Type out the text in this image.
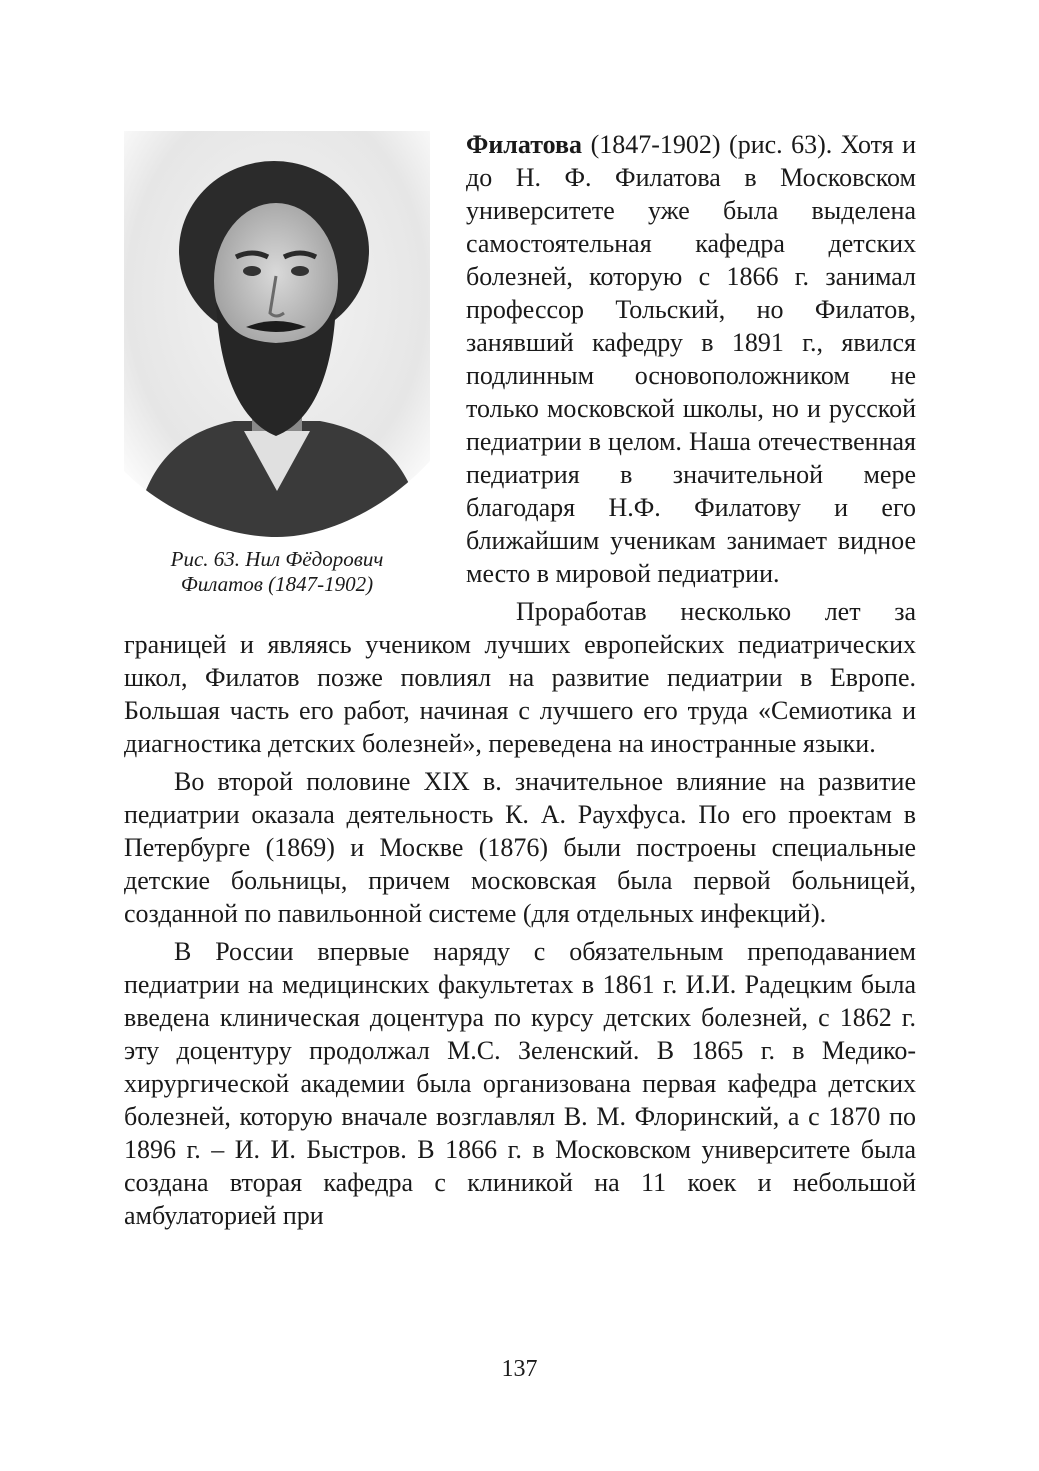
Рис. 63. Нил Фёдорович
Филатов (1847-1902)

Филатова (1847-1902) (рис. 63). Хотя и до Н. Ф. Филатова в Московском университете уже была выделена самостоятельная кафедра детских болезней, которую с 1866 г. занимал профессор Тольский, но Филатов, занявший кафедру в 1891 г., явился подлинным основоположником не только московской школы, но и русской педиатрии в целом. Наша отечественная педиатрия в значительной мере благодаря Н.Ф. Филатову и его ближайшим ученикам занимает видное место в мировой педиатрии.

Проработав несколько лет за границей и являясь учеником лучших европейских педиатрических школ, Филатов позже повлиял на развитие педиатрии в Европе. Большая часть его работ, начиная с лучшего его труда «Семиотика и диагностика детских болезней», переведена на иностранные языки.

Во второй половине XIX в. значительное влияние на развитие педиатрии оказала деятельность К. А. Раухфуса. По его проектам в Петербурге (1869) и Москве (1876) были построены специальные детские больницы, причем московская была первой больницей, созданной по павильонной системе (для отдельных инфекций).

В России впервые наряду с обязательным преподаванием педиатрии на медицинских факультетах в 1861 г. И.И. Радецким была введена клиническая доцентура по курсу детских болезней, с 1862 г. эту доцентуру продолжал М.С. Зеленский. В 1865 г. в Медико-хирургической академии была организована первая кафедра детских болезней, которую вначале возглавлял В. М. Флоринский, а с 1870 по 1896 г. – И. И. Быстров. В 1866 г. в Московском университете была создана вторая кафедра с клиникой на 11 коек и небольшой амбулаторией при

137
